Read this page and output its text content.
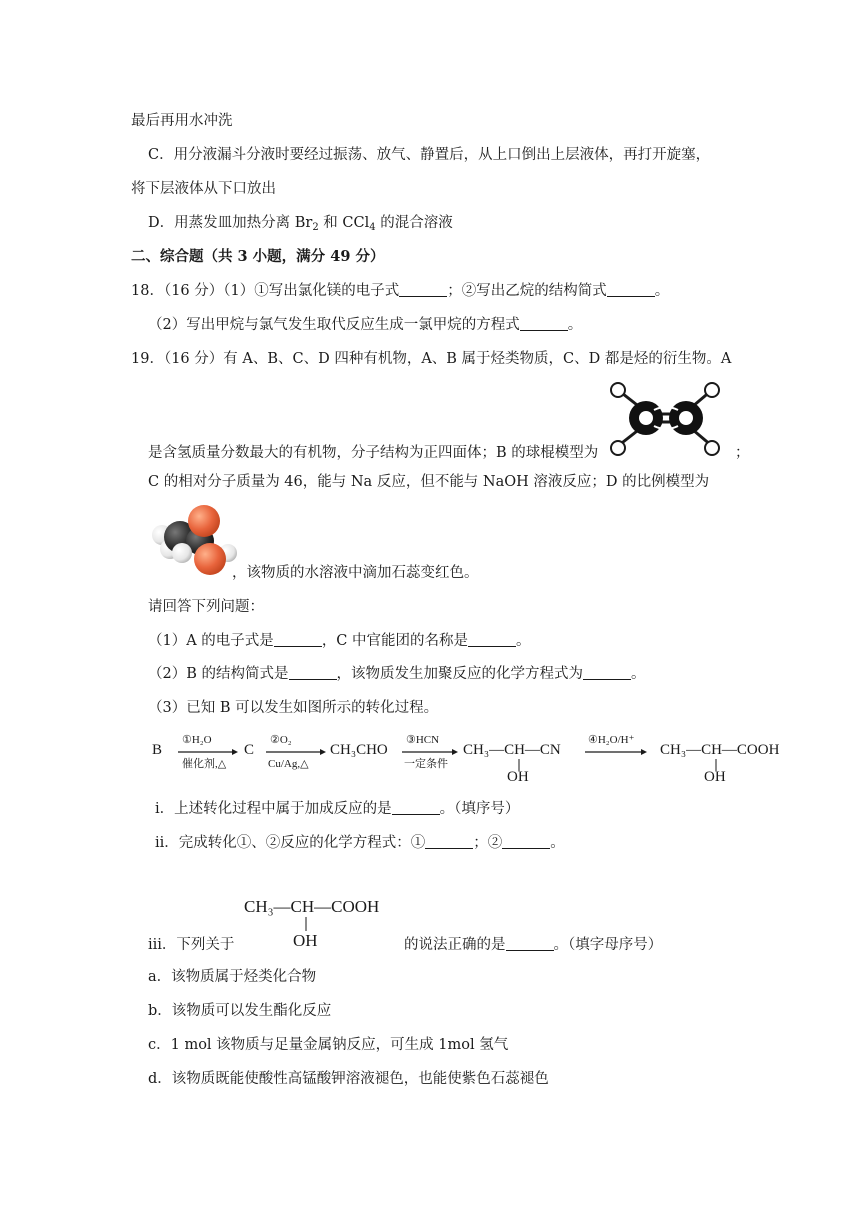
最后再用水冲洗
C．用分液漏斗分液时要经过振荡、放气、静置后，从上口倒出上层液体，再打开旋塞，
将下层液体从下口放出
D．用蒸发皿加热分离 $Br_2$ 和 CCl$_4$ 的混合溶液
二、综合题（共 3 小题，满分 49 分）
18．（16 分）（1）①写出氯化镁的电子式	；②写出乙烷的结构简式	。
（2）写出甲烷与氯气发生取代反应生成一氯甲烷的方程式	。
19．（16 分）有 A、B、C、D 四种有机物，A、B 属于烃类物质，C、D 都是烃的衍生物。A
是含氢质量分数最大的有机物，分子结构为正四面体；B 的球棍模型为	；
C 的相对分子质量为 46，能与 Na 反应，但不能与 NaOH 溶液反应；D 的比例模型为
，该物质的水溶液中滴加石蕊变红色。
请回答下列问题：
（1）A 的电子式是	，C 中官能团的名称是	。
（2）B 的结构简式是	，该物质发生加聚反应的化学方程式为	。
（3）已知 B 可以发生如图所示的转化过程。
B
①H₂O
催化剂,△
C
②O₂
Cu/Ag,△
CH₃CHO
③HCN
一定条件
CH₃—CH—CN
OH
④H₂O/H⁺
CH₃—CH—COOH
OH
ⅰ．上述转化过程中属于加成反应的是	。（填序号）
ⅱ．完成转化①、②反应的化学方程式：①	；②	。
CH₃—CH—COOH
OH
ⅲ．下列关于	的说法正确的是	。（填字母序号）
a．该物质属于烃类化合物
b．该物质可以发生酯化反应
c．1 mol 该物质与足量金属钠反应，可生成 1mol 氢气
d．该物质既能使酸性高锰酸钾溶液褪色，也能使紫色石蕊褪色
